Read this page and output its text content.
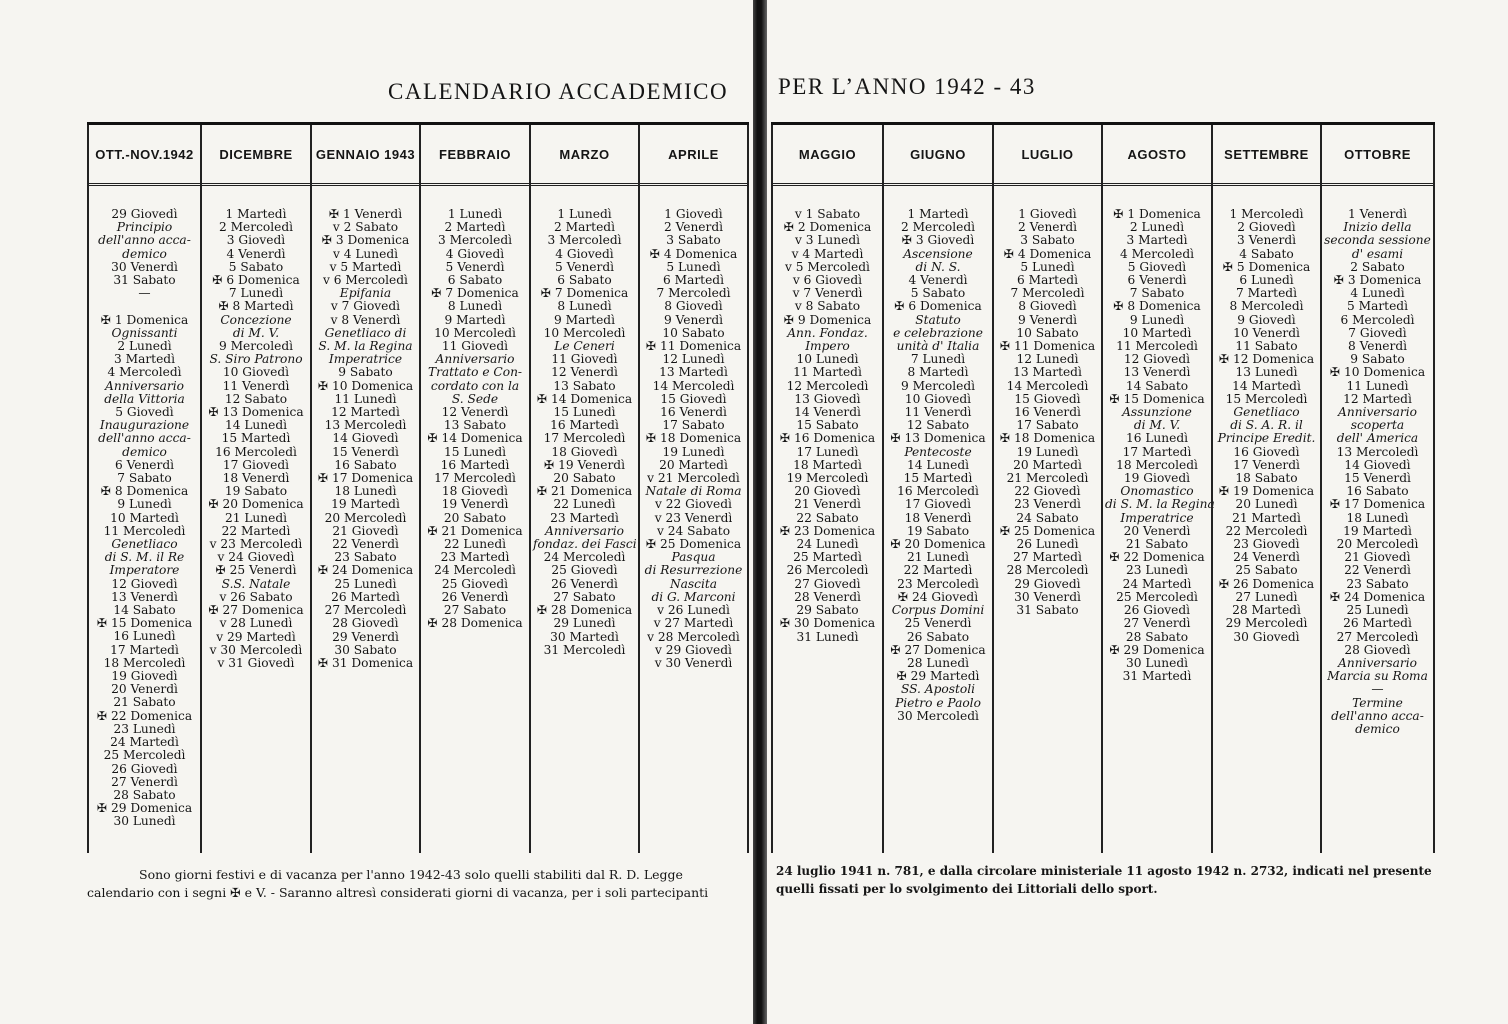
CALENDARIO ACCADEMICO PER L’ANNO 1942 - 43
OTT.-NOV.1942
29 Giovedì
Principio
dell'anno acca-
demico
30 Venerdì
31 Sabato
—
✠ 1 Domenica
Ognissanti
2 Lunedì
3 Martedì
4 Mercoledì
Anniversario
della Vittoria
5 Giovedì
Inaugurazione
dell'anno acca-
demico
6 Venerdì
7 Sabato
✠ 8 Domenica
9 Lunedì
10 Martedì
11 Mercoledì
Genetliaco
di S. M. il Re
Imperatore
12 Giovedì
13 Venerdì
14 Sabato
✠ 15 Domenica
16 Lunedì
17 Martedì
18 Mercoledì
19 Giovedì
20 Venerdì
21 Sabato
✠ 22 Domenica
23 Lunedì
24 Martedì
25 Mercoledì
26 Giovedì
27 Venerdì
28 Sabato
✠ 29 Domenica
30 Lunedì
DICEMBRE
1 Martedì
2 Mercoledì
3 Giovedì
4 Venerdì
5 Sabato
✠ 6 Domenica
7 Lunedì
✠ 8 Martedì
Concezione
di M. V.
9 Mercoledì
S. Siro Patrono
10 Giovedì
11 Venerdì
12 Sabato
✠ 13 Domenica
14 Lunedì
15 Martedì
16 Mercoledì
17 Giovedì
18 Venerdì
19 Sabato
✠ 20 Domenica
21 Lunedì
22 Martedì
v 23 Mercoledì
v 24 Giovedì
✠ 25 Venerdì
S.S. Natale
v 26 Sabato
✠ 27 Domenica
v 28 Lunedì
v 29 Martedì
v 30 Mercoledì
v 31 Giovedì
GENNAIO 1943
✠ 1 Venerdì
v 2 Sabato
✠ 3 Domenica
v 4 Lunedì
v 5 Martedì
v 6 Mercoledì
Epifania
v 7 Giovedì
v 8 Venerdì
Genetliaco di
S. M. la Regina
Imperatrice
9 Sabato
✠ 10 Domenica
11 Lunedì
12 Martedì
13 Mercoledì
14 Giovedì
15 Venerdì
16 Sabato
✠ 17 Domenica
18 Lunedì
19 Martedì
20 Mercoledì
21 Giovedì
22 Venerdì
23 Sabato
✠ 24 Domenica
25 Lunedì
26 Martedì
27 Mercoledì
28 Giovedì
29 Venerdì
30 Sabato
✠ 31 Domenica
FEBBRAIO
1 Lunedì
2 Martedì
3 Mercoledì
4 Giovedì
5 Venerdì
6 Sabato
✠ 7 Domenica
8 Lunedì
9 Martedì
10 Mercoledì
11 Giovedì
Anniversario
Trattato e Con-
cordato con la
S. Sede
12 Venerdì
13 Sabato
✠ 14 Domenica
15 Lunedì
16 Martedì
17 Mercoledì
18 Giovedì
19 Venerdì
20 Sabato
✠ 21 Domenica
22 Lunedì
23 Martedì
24 Mercoledì
25 Giovedì
26 Venerdì
27 Sabato
✠ 28 Domenica
MARZO
1 Lunedì
2 Martedì
3 Mercoledì
4 Giovedì
5 Venerdì
6 Sabato
✠ 7 Domenica
8 Lunedì
9 Martedì
10 Mercoledì
Le Ceneri
11 Giovedì
12 Venerdì
13 Sabato
✠ 14 Domenica
15 Lunedì
16 Martedì
17 Mercoledì
18 Giovedì
✠ 19 Venerdì
20 Sabato
✠ 21 Domenica
22 Lunedì
23 Martedì
Anniversario
fondaz. dei Fasci
24 Mercoledì
25 Giovedì
26 Venerdì
27 Sabato
✠ 28 Domenica
29 Lunedì
30 Martedì
31 Mercoledì
APRILE
1 Giovedì
2 Venerdì
3 Sabato
✠ 4 Domenica
5 Lunedì
6 Martedì
7 Mercoledì
8 Giovedì
9 Venerdì
10 Sabato
✠ 11 Domenica
12 Lunedì
13 Martedì
14 Mercoledì
15 Giovedì
16 Venerdì
17 Sabato
✠ 18 Domenica
19 Lunedì
20 Martedì
v 21 Mercoledì
Natale di Roma
v 22 Giovedì
v 23 Venerdì
v 24 Sabato
✠ 25 Domenica
Pasqua
di Resurrezione
Nascita
di G. Marconi
v 26 Lunedì
v 27 Martedì
v 28 Mercoledì
v 29 Giovedì
v 30 Venerdì
MAGGIO
v 1 Sabato
✠ 2 Domenica
v 3 Lunedì
v 4 Martedì
v 5 Mercoledì
v 6 Giovedì
v 7 Venerdì
v 8 Sabato
✠ 9 Domenica
Ann. Fondaz.
Impero
10 Lunedì
11 Martedì
12 Mercoledì
13 Giovedì
14 Venerdì
15 Sabato
✠ 16 Domenica
17 Lunedì
18 Martedì
19 Mercoledì
20 Giovedì
21 Venerdì
22 Sabato
✠ 23 Domenica
24 Lunedì
25 Martedì
26 Mercoledì
27 Giovedì
28 Venerdì
29 Sabato
✠ 30 Domenica
31 Lunedì
GIUGNO
1 Martedì
2 Mercoledì
✠ 3 Giovedì
Ascensione
di N. S.
4 Venerdì
5 Sabato
✠ 6 Domenica
Statuto
e celebrazione
unità d' Italia
7 Lunedì
8 Martedì
9 Mercoledì
10 Giovedì
11 Venerdì
12 Sabato
✠ 13 Domenica
Pentecoste
14 Lunedì
15 Martedì
16 Mercoledì
17 Giovedì
18 Venerdì
19 Sabato
✠ 20 Domenica
21 Lunedì
22 Martedì
23 Mercoledì
✠ 24 Giovedì
Corpus Domini
25 Venerdì
26 Sabato
✠ 27 Domenica
28 Lunedì
✠ 29 Martedì
SS. Apostoli
Pietro e Paolo
30 Mercoledì
LUGLIO
1 Giovedì
2 Venerdì
3 Sabato
✠ 4 Domenica
5 Lunedì
6 Martedì
7 Mercoledì
8 Giovedì
9 Venerdì
10 Sabato
✠ 11 Domenica
12 Lunedì
13 Martedì
14 Mercoledì
15 Giovedì
16 Venerdì
17 Sabato
✠ 18 Domenica
19 Lunedì
20 Martedì
21 Mercoledì
22 Giovedì
23 Venerdì
24 Sabato
✠ 25 Domenica
26 Lunedì
27 Martedì
28 Mercoledì
29 Giovedì
30 Venerdì
31 Sabato
AGOSTO
✠ 1 Domenica
2 Lunedì
3 Martedì
4 Mercoledì
5 Giovedì
6 Venerdì
7 Sabato
✠ 8 Domenica
9 Lunedì
10 Martedì
11 Mercoledì
12 Giovedì
13 Venerdì
14 Sabato
✠ 15 Domenica
Assunzione
di M. V.
16 Lunedì
17 Martedì
18 Mercoledì
19 Giovedì
Onomastico
di S. M. la Regina
Imperatrice
20 Venerdì
21 Sabato
✠ 22 Domenica
23 Lunedì
24 Martedì
25 Mercoledì
26 Giovedì
27 Venerdì
28 Sabato
✠ 29 Domenica
30 Lunedì
31 Martedì
SETTEMBRE
1 Mercoledì
2 Giovedì
3 Venerdì
4 Sabato
✠ 5 Domenica
6 Lunedì
7 Martedì
8 Mercoledì
9 Giovedì
10 Venerdì
11 Sabato
✠ 12 Domenica
13 Lunedì
14 Martedì
15 Mercoledì
Genetliaco
di S. A. R. il
Principe Eredit.
16 Giovedì
17 Venerdì
18 Sabato
✠ 19 Domenica
20 Lunedì
21 Martedì
22 Mercoledì
23 Giovedì
24 Venerdì
25 Sabato
✠ 26 Domenica
27 Lunedì
28 Martedì
29 Mercoledì
30 Giovedì
OTTOBRE
1 Venerdì
Inizio della
seconda sessione
d' esami
2 Sabato
✠ 3 Domenica
4 Lunedì
5 Martedì
6 Mercoledì
7 Giovedì
8 Venerdì
9 Sabato
✠ 10 Domenica
11 Lunedì
12 Martedì
Anniversario
scoperta
dell' America
13 Mercoledì
14 Giovedì
15 Venerdì
16 Sabato
✠ 17 Domenica
18 Lunedì
19 Martedì
20 Mercoledì
21 Giovedì
22 Venerdì
23 Sabato
✠ 24 Domenica
25 Lunedì
26 Martedì
27 Mercoledì
28 Giovedì
Anniversario
Marcia su Roma
—
Termine
dell'anno acca-
demico
Sono giorni festivi e di vacanza per l'anno 1942-43 solo quelli stabiliti dal R. D. Legge
calendario con i segni ✠ e V. - Saranno altresì considerati giorni di vacanza, per i soli partecipanti
24 luglio 1941 n. 781, e dalla circolare ministeriale 11 agosto 1942 n. 2732, indicati nel presente
quelli fissati per lo svolgimento dei Littoriali dello sport.
